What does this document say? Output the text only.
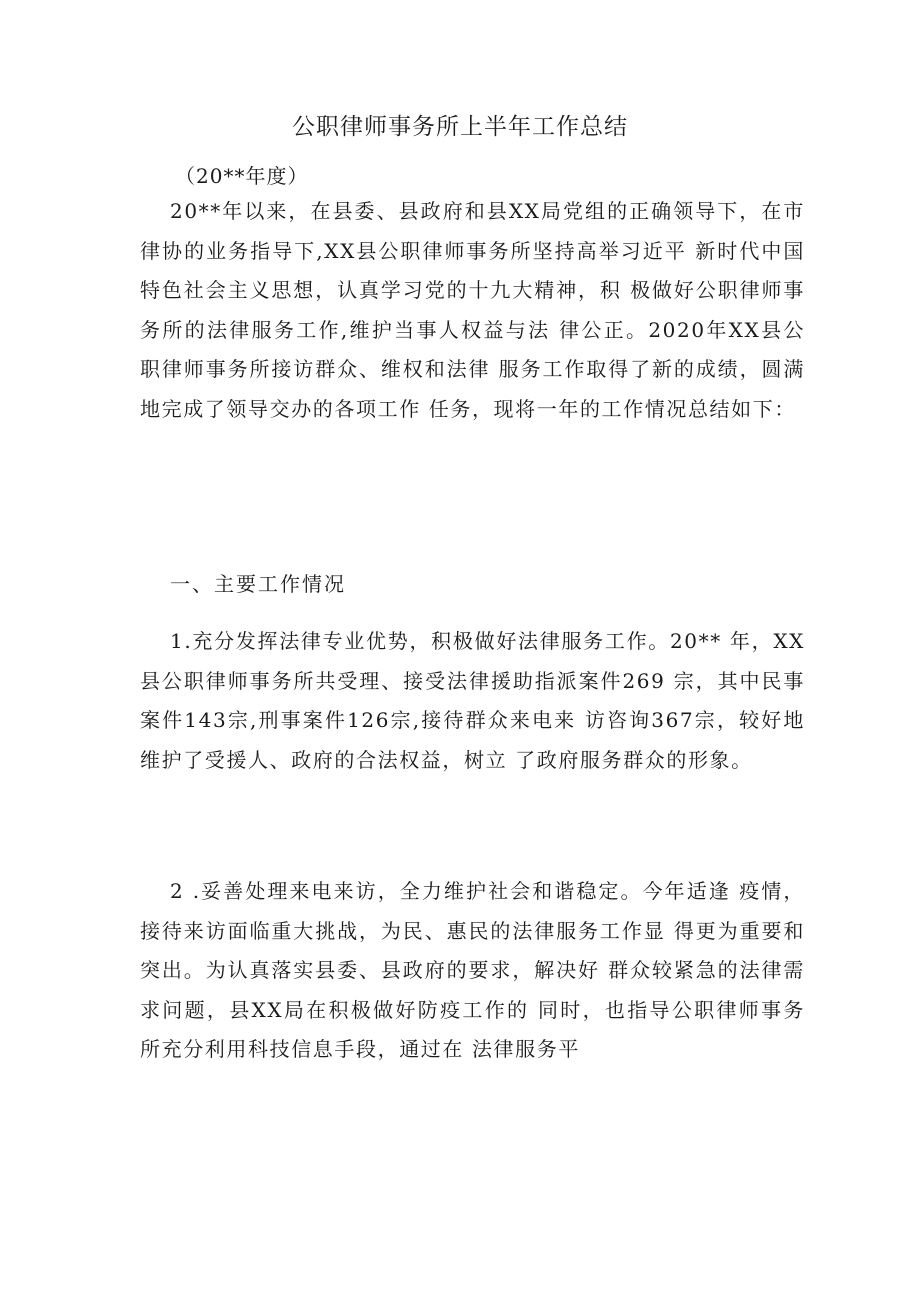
公职律师事务所上半年工作总结
（20**年度）

20**年以来，在县委、县政府和县XX局党组的正确领导下，在市律协的业务指导下,XX县公职律师事务所坚持高举习近平 新时代中国特色社会主义思想，认真学习党的十九大精神，积 极做好公职律师事务所的法律服务工作,维护当事人权益与法 律公正。2020年XX县公职律师事务所接访群众、维权和法律 服务工作取得了新的成绩，圆满地完成了领导交办的各项工作 任务，现将一年的工作情况总结如下：

一、主要工作情况

1.充分发挥法律专业优势，积极做好法律服务工作。20** 年，XX县公职律师事务所共受理、接受法律援助指派案件269 宗，其中民事案件143宗,刑事案件126宗,接待群众来电来 访咨询367宗，较好地维护了受援人、政府的合法权益，树立 了政府服务群众的形象。

2 .妥善处理来电来访，全力维护社会和谐稳定。今年适逢 疫情，接待来访面临重大挑战，为民、惠民的法律服务工作显 得更为重要和突出。为认真落实县委、县政府的要求，解决好 群众较紧急的法律需求问题，县XX局在积极做好防疫工作的 同时，也指导公职律师事务所充分利用科技信息手段，通过在 法律服务平
